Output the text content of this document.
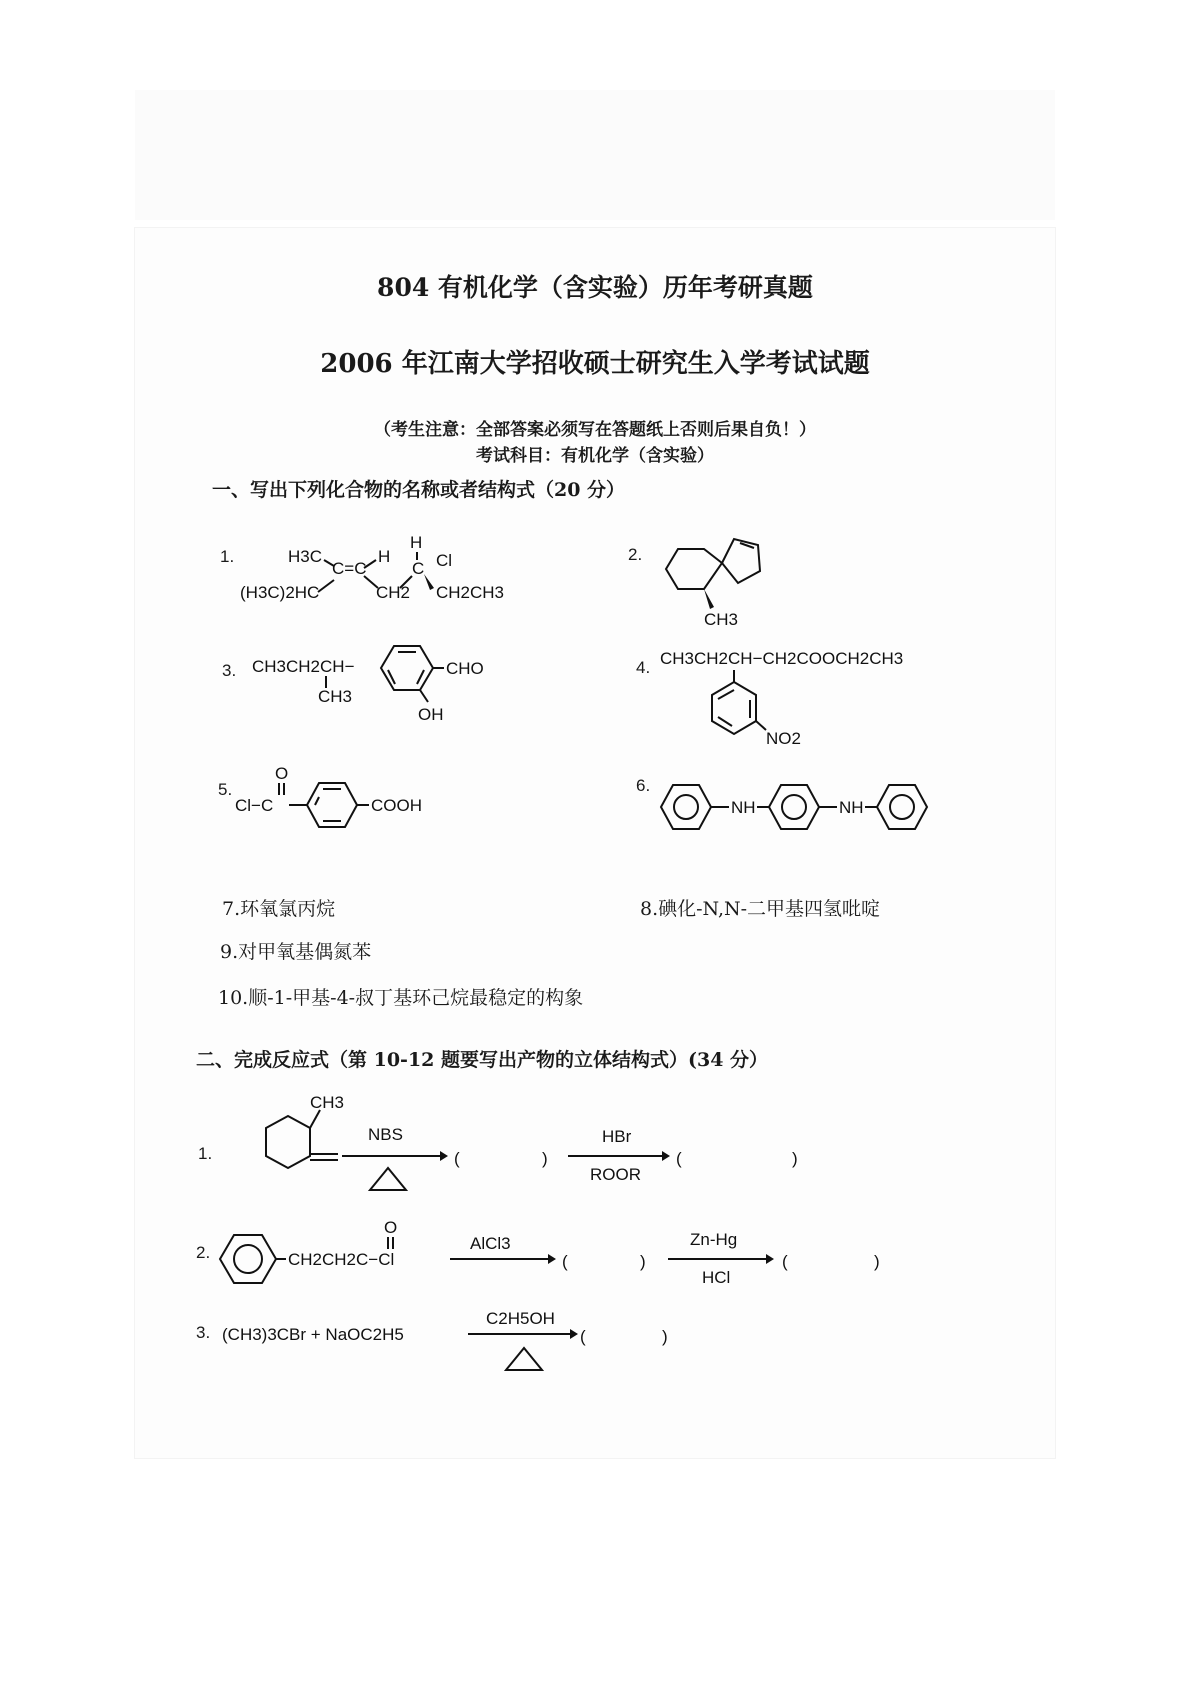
804 有机化学（含实验）历年考研真题
2006 年江南大学招收硕士研究生入学考试试题
（考生注意：全部答案必须写在答题纸上否则后果自负！）
考试科目：有机化学（含实验）
一、写出下列化合物的名称或者结构式（20 分）
1.	2.
3.	4.
5.	6.
H3C
C=C
H
(H3C)2HC	CH2
H
C Cl
CH2CH3
CH3
CH3CH2CH−
CH3
CHO
OH
CH3CH2CH−CH2COOCH2CH3
NO2
O
Cl−C	COOH	NH	NH
7.环氧氯丙烷	8.碘化-N,N-二甲基四氢吡啶
9.对甲氧基偶氮苯
10.顺-1-甲基-4-叔丁基环己烷最稳定的构象
二、完成反应式（第 10-12 题要写出产物的立体结构式）(34 分）
1.
CH3
NBS
(	)
HBr
ROOR
(	)
2.	CH2CH2C−Cl
O
AlCl3
(	)
Zn-Hg
HCl
(	)
3. (CH3)3CBr + NaOC2H5
C2H5OH
(	)
